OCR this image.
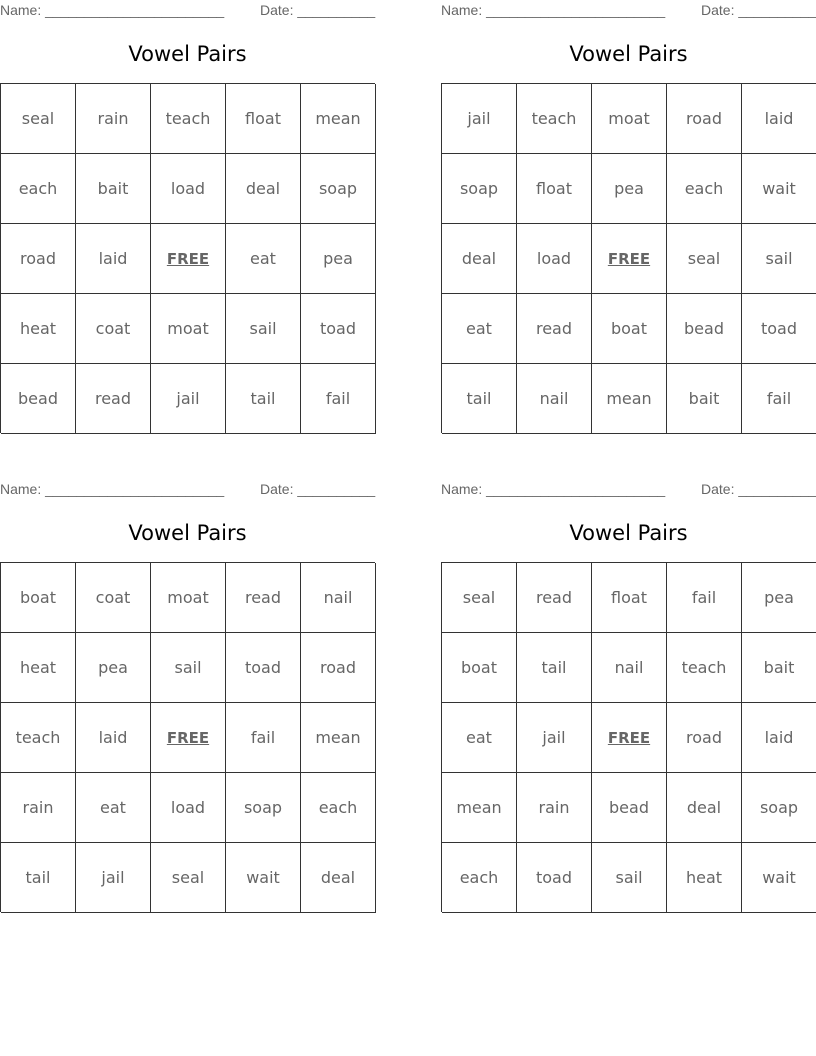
Name: _______________________	Date: __________
Vowel Pairs
seal	rain	teach	float	mean
each	bait	load	deal	soap
road	laid	FREE	eat	pea
heat	coat	moat	sail	toad
bead	read	jail	tail	fail
Name: _______________________	Date: __________
Vowel Pairs
jail	teach	moat	road	laid
soap	float	pea	each	wait
deal	load	FREE	seal	sail
eat	read	boat	bead	toad
tail	nail	mean	bait	fail
Name: _______________________	Date: __________
Vowel Pairs
boat	coat	moat	read	nail
heat	pea	sail	toad	road
teach	laid	FREE	fail	mean
rain	eat	load	soap	each
tail	jail	seal	wait	deal
Name: _______________________	Date: __________
Vowel Pairs
seal	read	float	fail	pea
boat	tail	nail	teach	bait
eat	jail	FREE	road	laid
mean	rain	bead	deal	soap
each	toad	sail	heat	wait
